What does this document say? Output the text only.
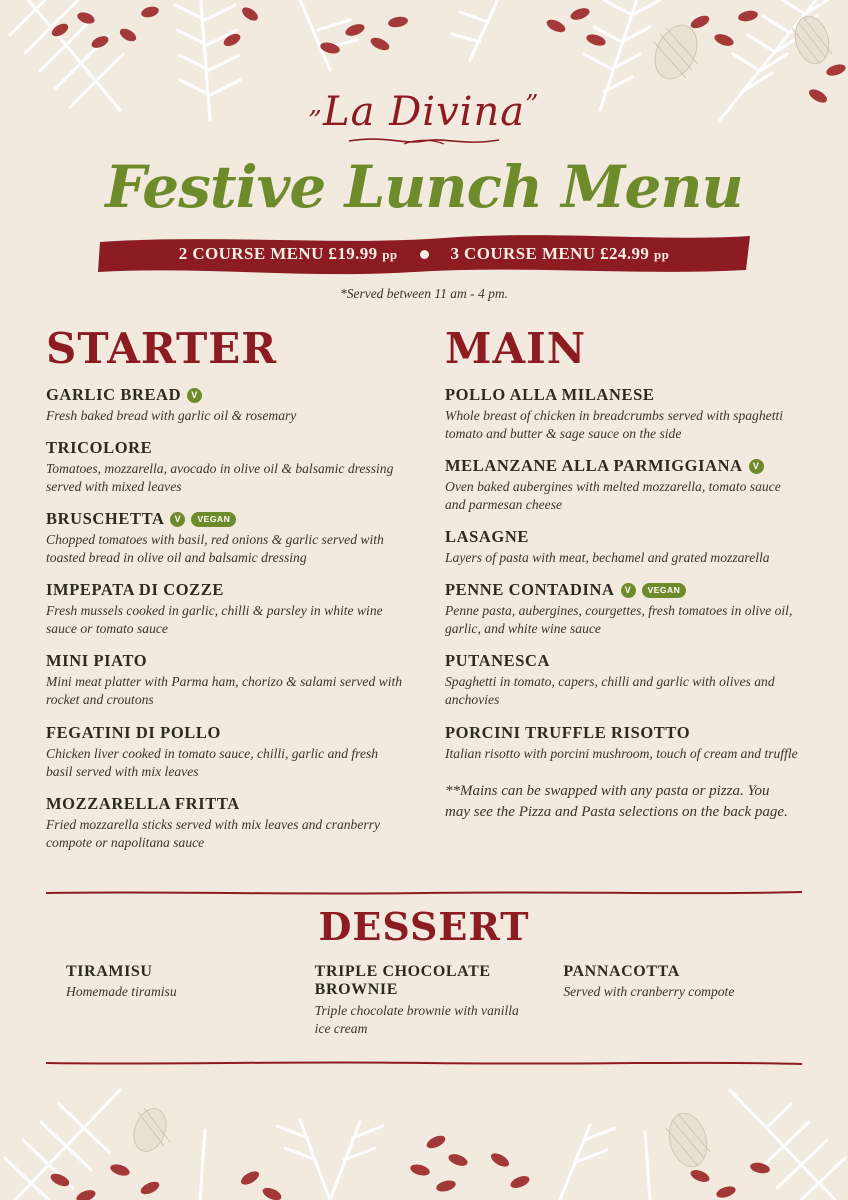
„La Divina”
Festive Lunch Menu
2 COURSE MENU £19.99 pp	3 COURSE MENU £24.99 pp
*Served between 11 am - 4 pm.
STARTER
GARLIC BREAD	V
Fresh baked bread with garlic oil & rosemary
TRICOLORE
Tomatoes, mozzarella, avocado in olive oil & balsamic dressing served with mixed leaves
BRUSCHETTA	V	VEGAN
Chopped tomatoes with basil, red onions & garlic served with toasted bread in olive oil and balsamic dressing
IMPEPATA DI COZZE
Fresh mussels cooked in garlic, chilli & parsley in white wine sauce or tomato sauce
MINI PIATO
Mini meat platter with Parma ham, chorizo & salami served with rocket and croutons
FEGATINI DI POLLO
Chicken liver cooked in tomato sauce, chilli, garlic and fresh basil served with mix leaves
MOZZARELLA FRITTA
Fried mozzarella sticks served with mix leaves and cranberry compote or napolitana sauce
MAIN
POLLO ALLA MILANESE
Whole breast of chicken in breadcrumbs served with spaghetti tomato and butter & sage sauce on the side
MELANZANE ALLA PARMIGGIANA	V
Oven baked aubergines with melted mozzarella, tomato sauce and parmesan cheese
LASAGNE
Layers of pasta with meat, bechamel and grated mozzarella
PENNE CONTADINA	V	VEGAN
Penne pasta, aubergines, courgettes, fresh tomatoes in olive oil, garlic, and white wine sauce
PUTANESCA
Spaghetti in tomato, capers, chilli and garlic with olives and anchovies
PORCINI TRUFFLE RISOTTO
Italian risotto with porcini mushroom, touch of cream and truffle
**Mains can be swapped with any pasta or pizza. You may see the Pizza and Pasta selections on the back page.
DESSERT
TIRAMISU
Homemade tiramisu
TRIPLE CHOCOLATE BROWNIE
Triple chocolate brownie with vanilla ice cream
PANNACOTTA
Served with cranberry compote
